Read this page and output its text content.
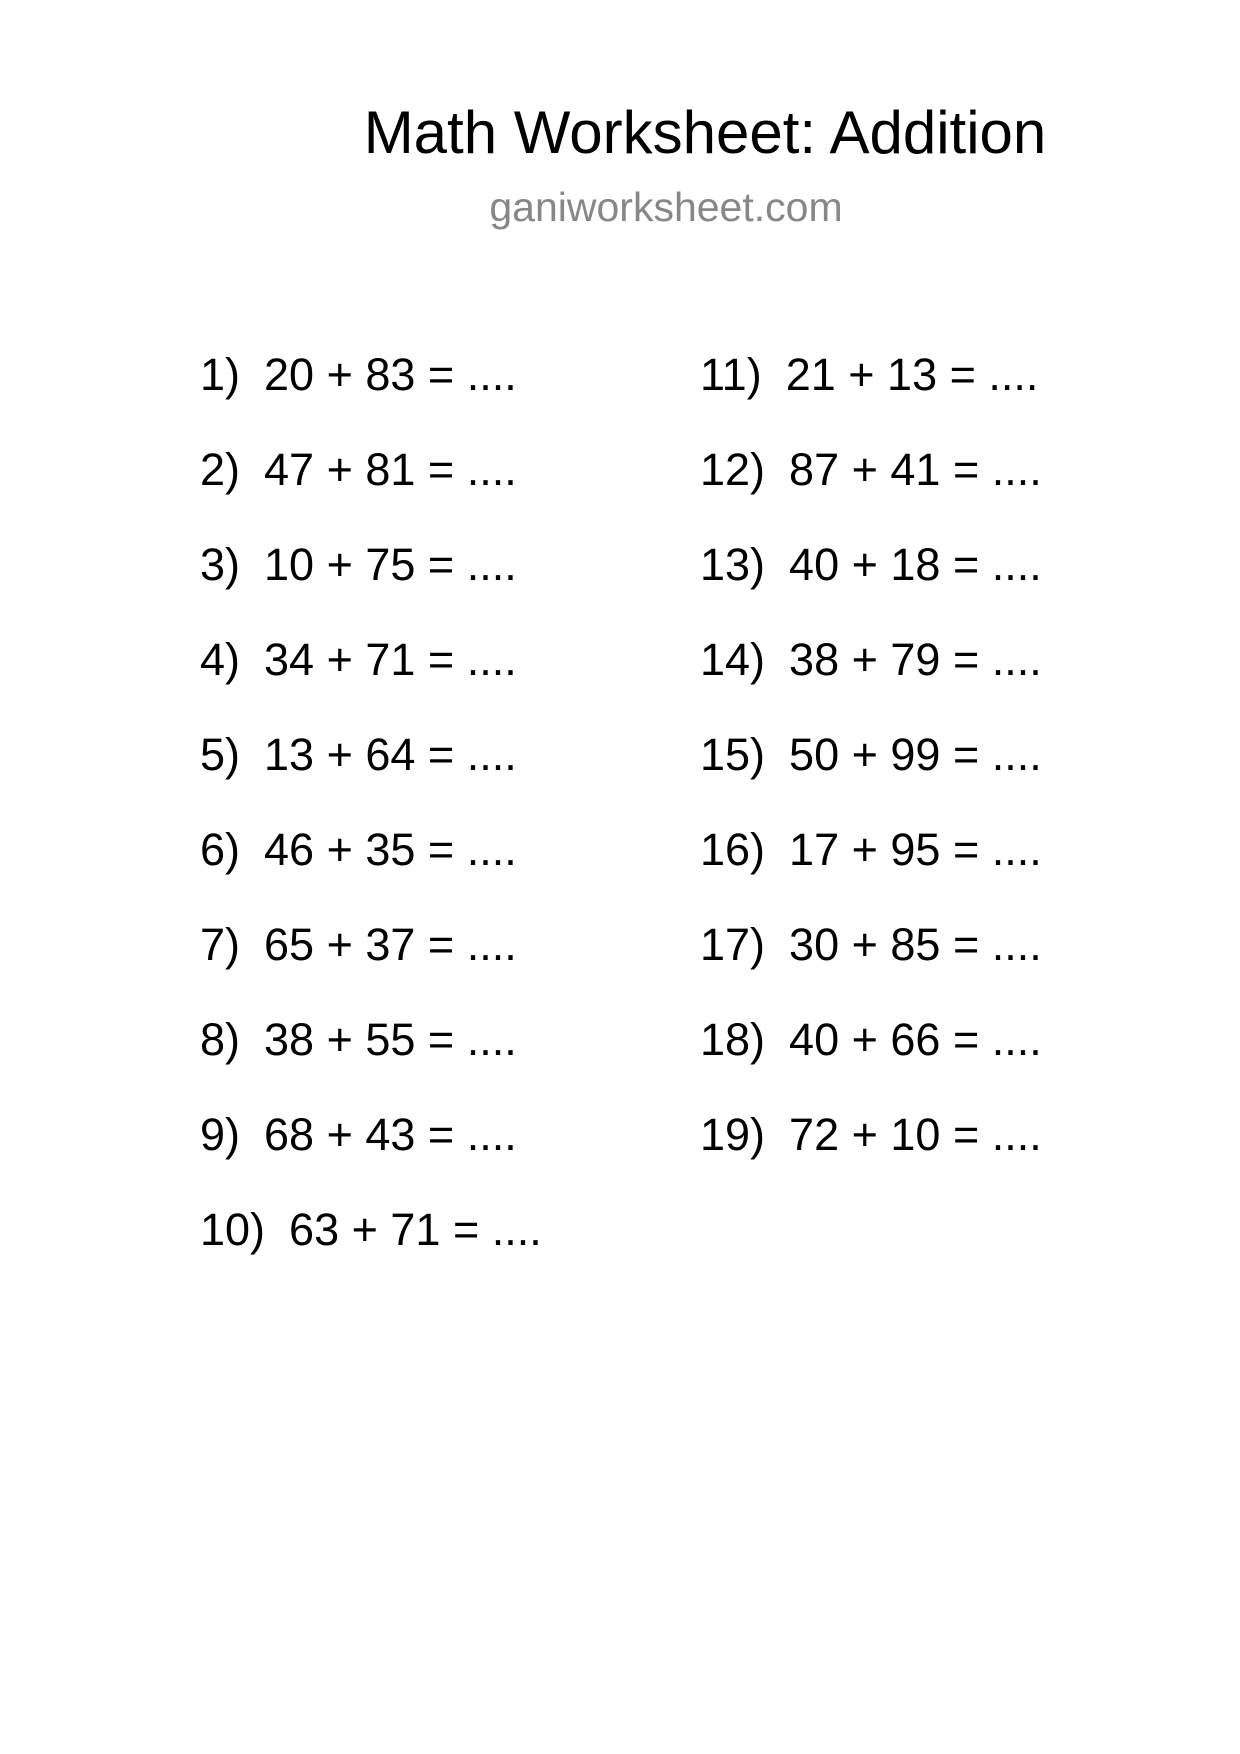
Math Worksheet: Addition
ganiworksheet.com
1) 20 + 83 = ....
2) 47 + 81 = ....
3) 10 + 75 = ....
4) 34 + 71 = ....
5) 13 + 64 = ....
6) 46 + 35 = ....
7) 65 + 37 = ....
8) 38 + 55 = ....
9) 68 + 43 = ....
10) 63 + 71 = ....
11) 21 + 13 = ....
12) 87 + 41 = ....
13) 40 + 18 = ....
14) 38 + 79 = ....
15) 50 + 99 = ....
16) 17 + 95 = ....
17) 30 + 85 = ....
18) 40 + 66 = ....
19) 72 + 10 = ....
